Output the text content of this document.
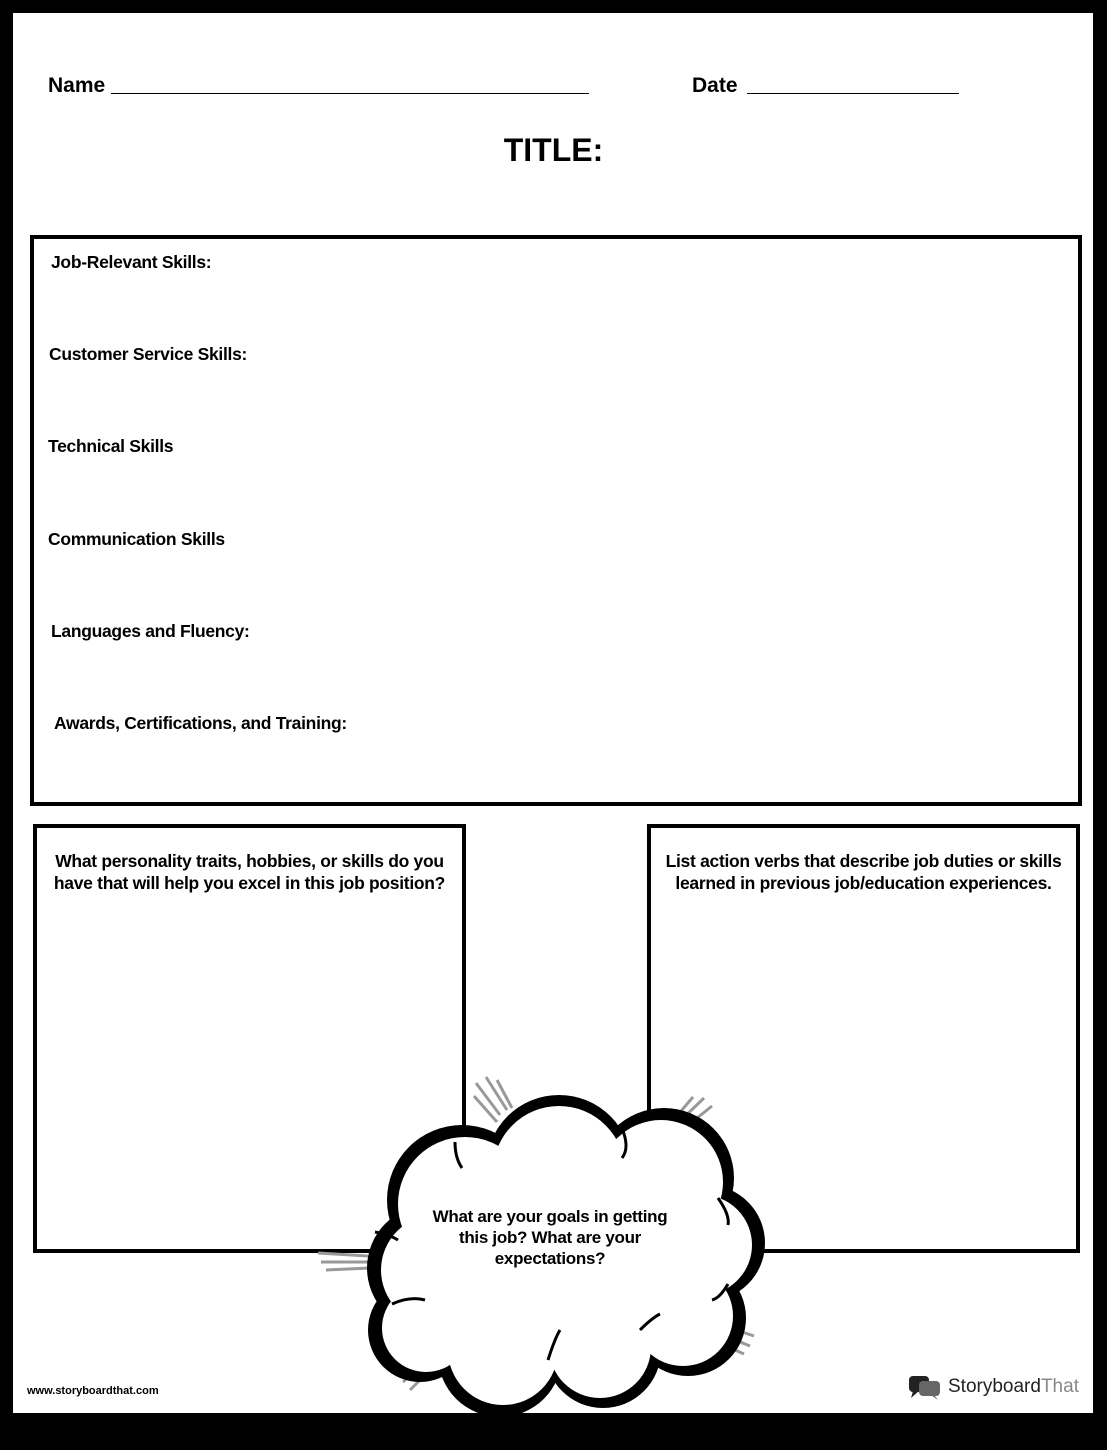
Name	Date
TITLE:
Job-Relevant Skills:
Customer Service Skills:
Technical Skills
Communication Skills
Languages and Fluency:
Awards, Certifications, and Training:
What personality traits, hobbies, or skills do you
have that will help you excel in this job position?
List action verbs that describe job duties or skills
learned in previous job/education experiences.
What are your goals in getting
this job? What are your
expectations?
www.storyboardthat.com	StoryboardThat
